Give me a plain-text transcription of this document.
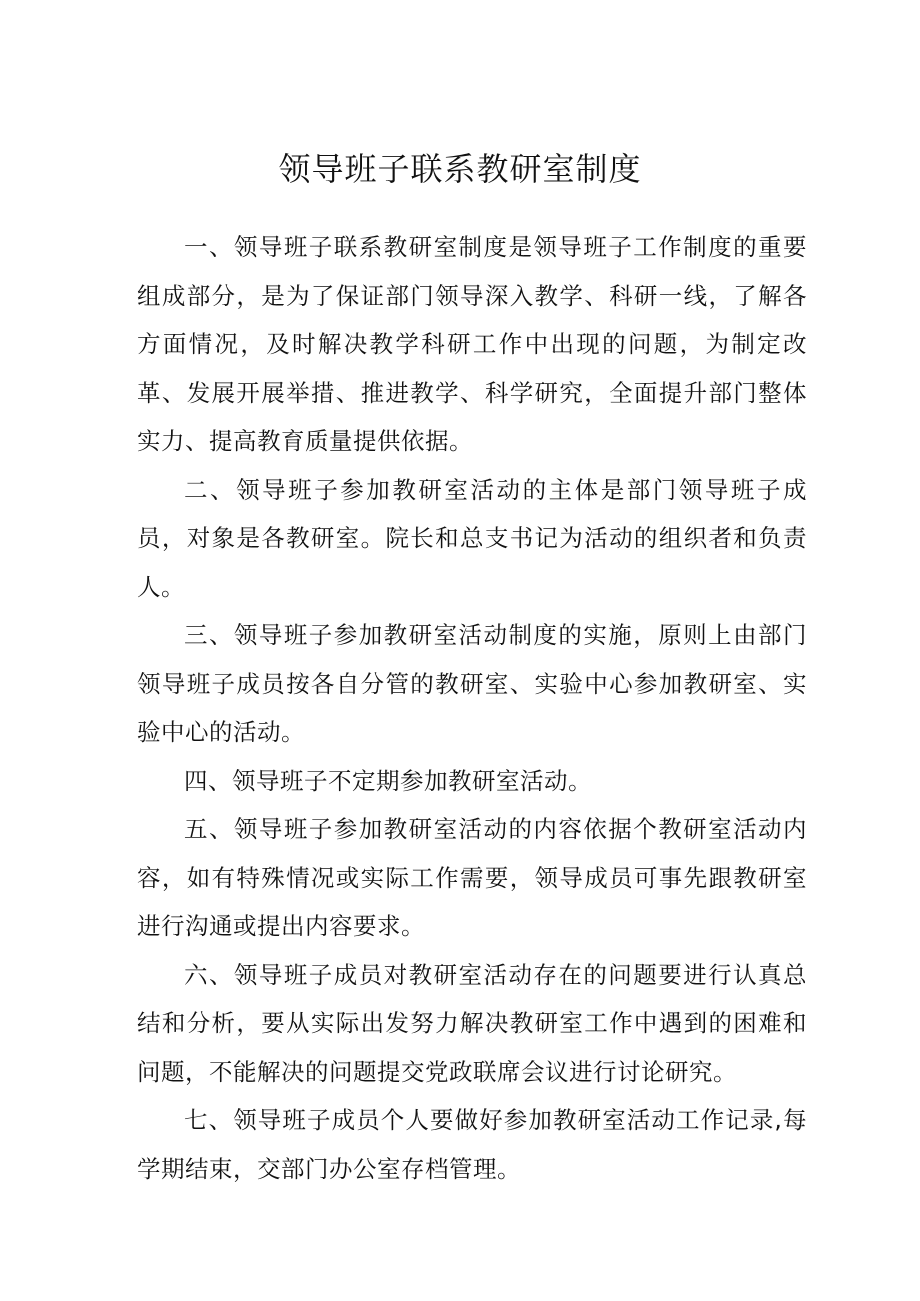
领导班子联系教研室制度

一、领导班子联系教研室制度是领导班子工作制度的重要组成部分，是为了保证部门领导深入教学、科研一线，了解各方面情况，及时解决教学科研工作中出现的问题，为制定改革、发展开展举措、推进教学、科学研究，全面提升部门整体实力、提高教育质量提供依据。

二、领导班子参加教研室活动的主体是部门领导班子成员，对象是各教研室。院长和总支书记为活动的组织者和负责人。

三、领导班子参加教研室活动制度的实施，原则上由部门领导班子成员按各自分管的教研室、实验中心参加教研室、实验中心的活动。

四、领导班子不定期参加教研室活动。

五、领导班子参加教研室活动的内容依据个教研室活动内容，如有特殊情况或实际工作需要，领导成员可事先跟教研室进行沟通或提出内容要求。

六、领导班子成员对教研室活动存在的问题要进行认真总结和分析，要从实际出发努力解决教研室工作中遇到的困难和问题，不能解决的问题提交党政联席会议进行讨论研究。

七、领导班子成员个人要做好参加教研室活动工作记录,每学期结束，交部门办公室存档管理。
